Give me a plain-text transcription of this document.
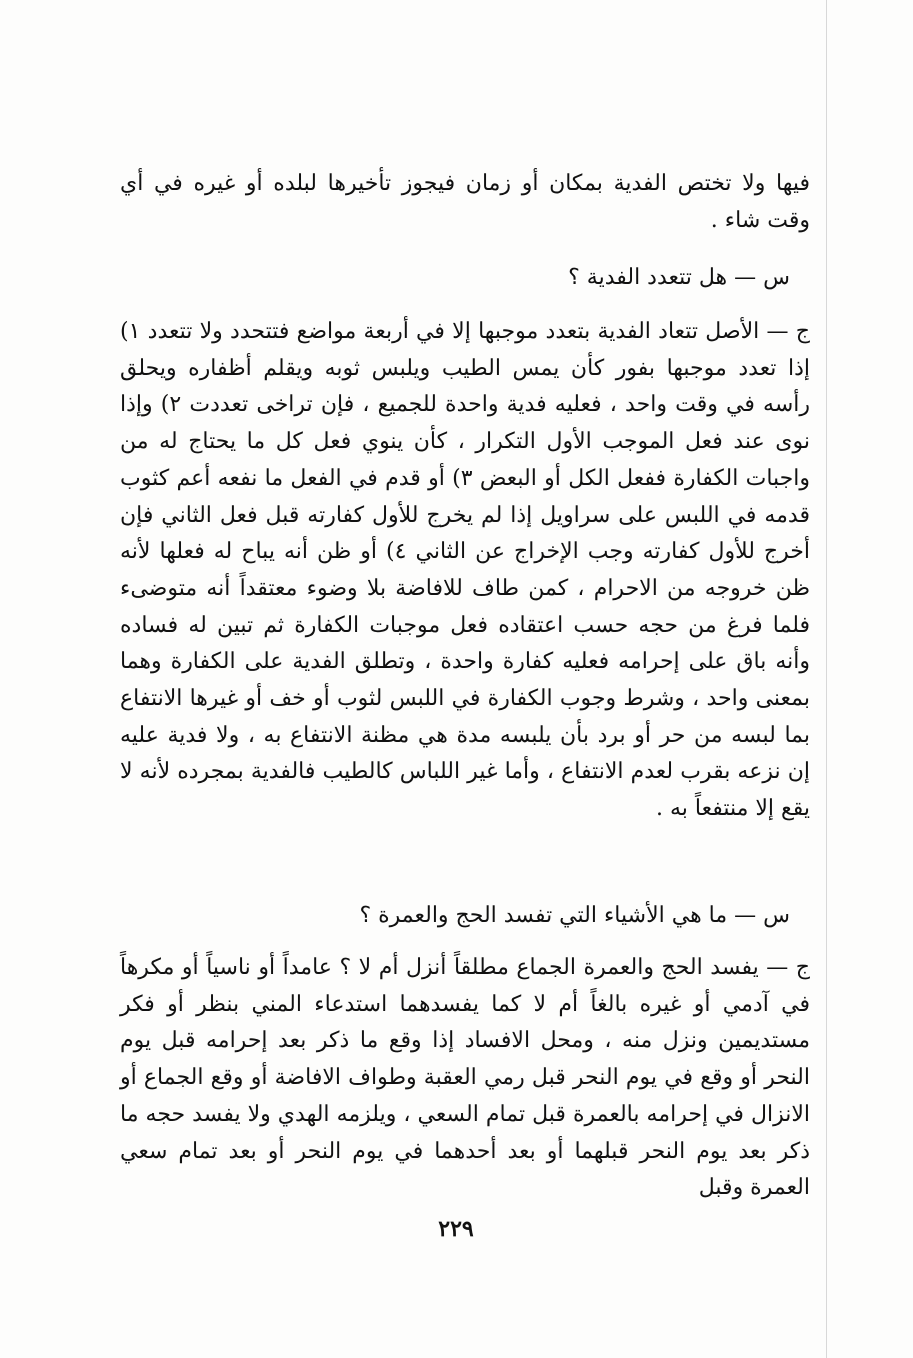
فيها ولا تختص الفدية بمكان أو زمان فيجوز تأخيرها لبلده أو غيره في أي وقت شاء .

س — هل تتعدد الفدية ؟

ج — الأصل تتعاد الفدية بتعدد موجبها إلا في أربعة مواضع فتتحدد ولا تتعدد ١) إذا تعدد موجبها بفور كأن يمس الطيب ويلبس ثوبه ويقلم أظفاره ويحلق رأسه في وقت واحد ، فعليه فدية واحدة للجميع ، فإن تراخى تعددت ٢) وإذا نوى عند فعل الموجب الأول التكرار ، كأن ينوي فعل كل ما يحتاج له من واجبات الكفارة ففعل الكل أو البعض ٣) أو قدم في الفعل ما نفعه أعم كثوب قدمه في اللبس على سراويل إذا لم يخرج للأول كفارته قبل فعل الثاني فإن أخرج للأول كفارته وجب الإخراج عن الثاني ٤) أو ظن أنه يباح له فعلها لأنه ظن خروجه من الاحرام ، كمن طاف للافاضة بلا وضوء معتقداً أنه متوضىء فلما فرغ من حجه حسب اعتقاده فعل موجبات الكفارة ثم تبين له فساده وأنه باق على إحرامه فعليه كفارة واحدة ، وتطلق الفدية على الكفارة وهما بمعنى واحد ، وشرط وجوب الكفارة في اللبس لثوب أو خف أو غيرها الانتفاع بما لبسه من حر أو برد بأن يلبسه مدة هي مظنة الانتفاع به ، ولا فدية عليه إن نزعه بقرب لعدم الانتفاع ، وأما غير اللباس كالطيب فالفدية بمجرده لأنه لا يقع إلا منتفعاً به .

س — ما هي الأشياء التي تفسد الحج والعمرة ؟

ج — يفسد الحج والعمرة الجماع مطلقاً أنزل أم لا ؟ عامداً أو ناسياً أو مكرهاً في آدمي أو غيره بالغاً أم لا كما يفسدهما استدعاء المني بنظر أو فكر مستديمين ونزل منه ، ومحل الافساد إذا وقع ما ذكر بعد إحرامه قبل يوم النحر أو وقع في يوم النحر قبل رمي العقبة وطواف الافاضة أو وقع الجماع أو الانزال في إحرامه بالعمرة قبل تمام السعي ، ويلزمه الهدي ولا يفسد حجه ما ذكر بعد يوم النحر قبلهما أو بعد أحدهما في يوم النحر أو بعد تمام سعي العمرة وقبل

٢٢٩
